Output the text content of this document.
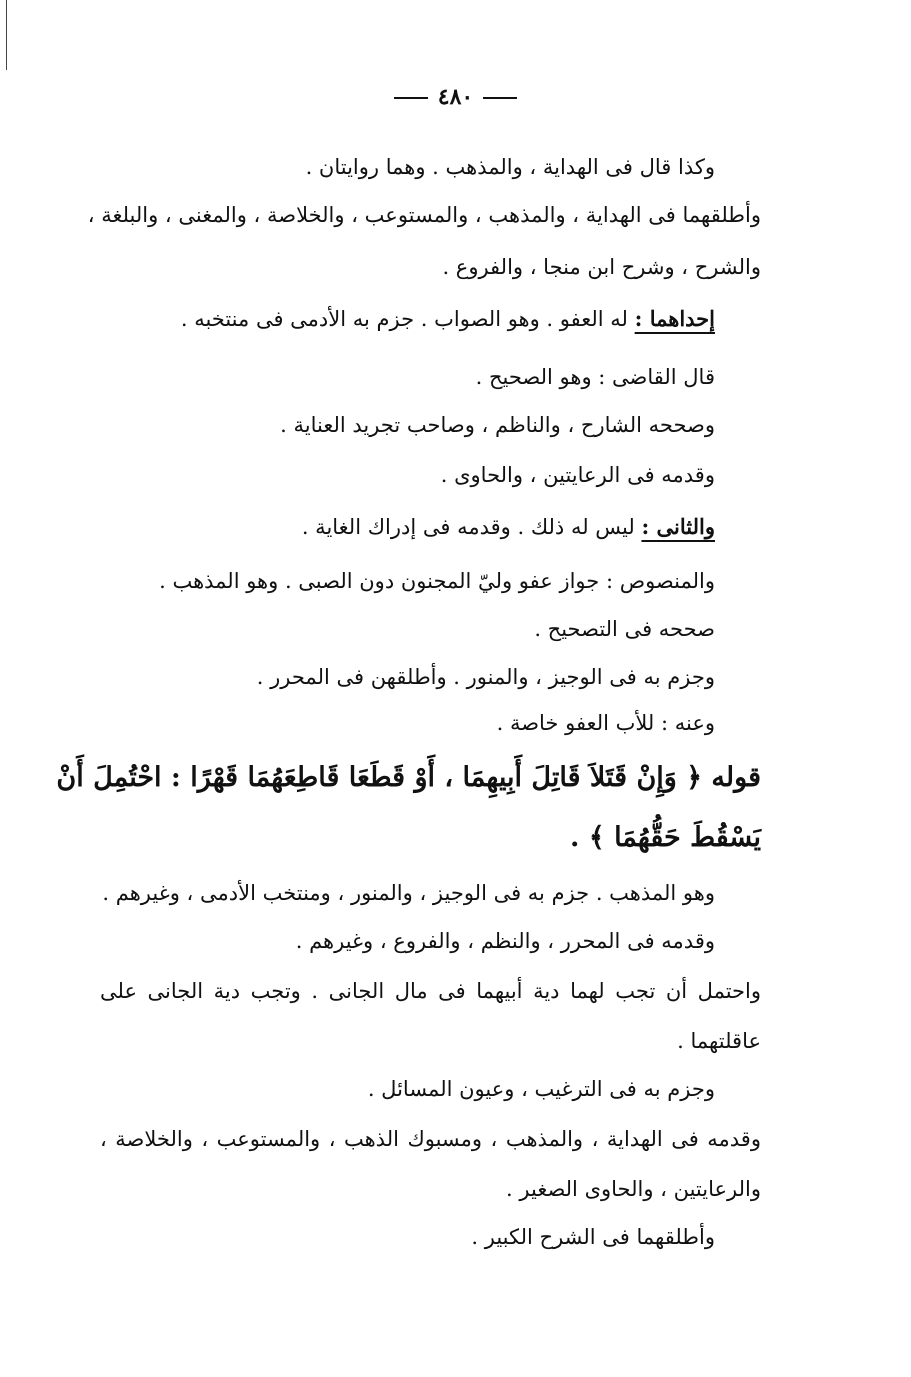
٤٨٠
وكذا قال فى الهداية ، والمذهب . وهما روايتان .
وأطلقهما فى الهداية ، والمذهب ، والمستوعب ، والخلاصة ، والمغنى ، والبلغة ،
والشرح ، وشرح ابن منجا ، والفروع .
إحداهما : له العفو . وهو الصواب . جزم به الأدمى فى منتخبه .
قال القاضى : وهو الصحيح .
وصححه الشارح ، والناظم ، وصاحب تجريد العناية .
وقدمه فى الرعايتين ، والحاوى .
والثانى : ليس له ذلك . وقدمه فى إدراك الغاية .
والمنصوص : جواز عفو وليّ المجنون دون الصبى . وهو المذهب .
صححه فى التصحيح .
وجزم به فى الوجيز ، والمنور . وأطلقهن فى المحرر .
وعنه : للأب العفو خاصة .
قوله ﴿ وَإِنْ قَتَلاَ قَاتِلَ أَبِيهِمَا ، أَوْ قَطَعَا قَاطِعَهُمَا قَهْرًا : احْتُمِلَ أَنْ
يَسْقُطَ حَقُّهُمَا ﴾ .
وهو المذهب . جزم به فى الوجيز ، والمنور ، ومنتخب الأدمى ، وغيرهم .
وقدمه فى المحرر ، والنظم ، والفروع ، وغيرهم .
واحتمل أن تجب لهما دية أبيهما فى مال الجانى . وتجب دية الجانى على
عاقلتهما .
وجزم به فى الترغيب ، وعيون المسائل .
وقدمه فى الهداية ، والمذهب ، ومسبوك الذهب ، والمستوعب ، والخلاصة ،
والرعايتين ، والحاوى الصغير .
وأطلقهما فى الشرح الكبير .
